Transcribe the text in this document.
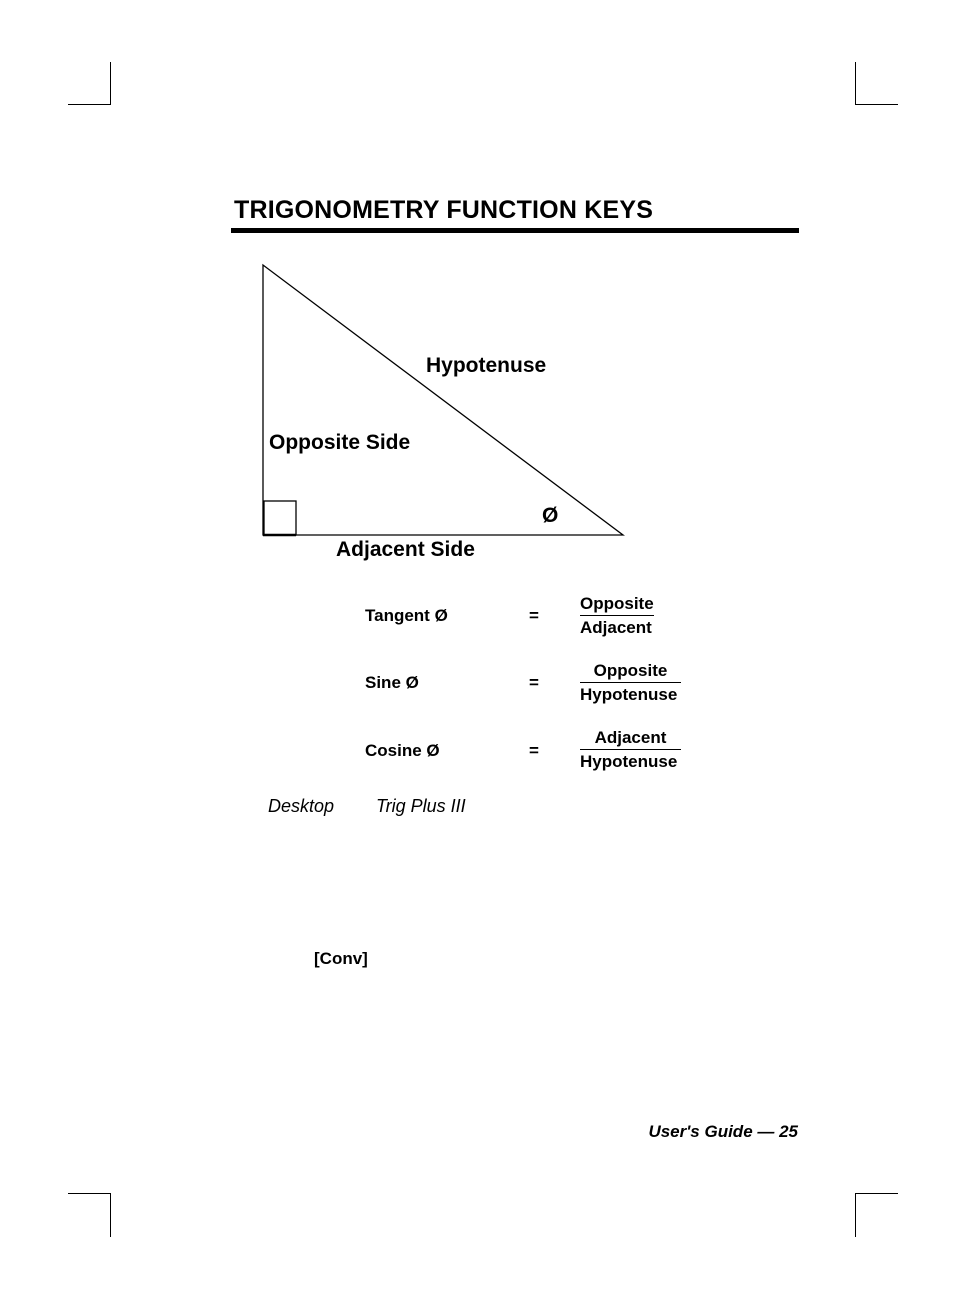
TRIGONOMETRY FUNCTION KEYS
Hypotenuse
Opposite Side
Ø
Adjacent Side
Tangent Ø	=
Opposite
Adjacent
Sine Ø	=
Opposite
Hypotenuse
Cosine Ø	=
Adjacent
Hypotenuse
Desktop Trig Plus III
[Conv]
User's Guide — 25
